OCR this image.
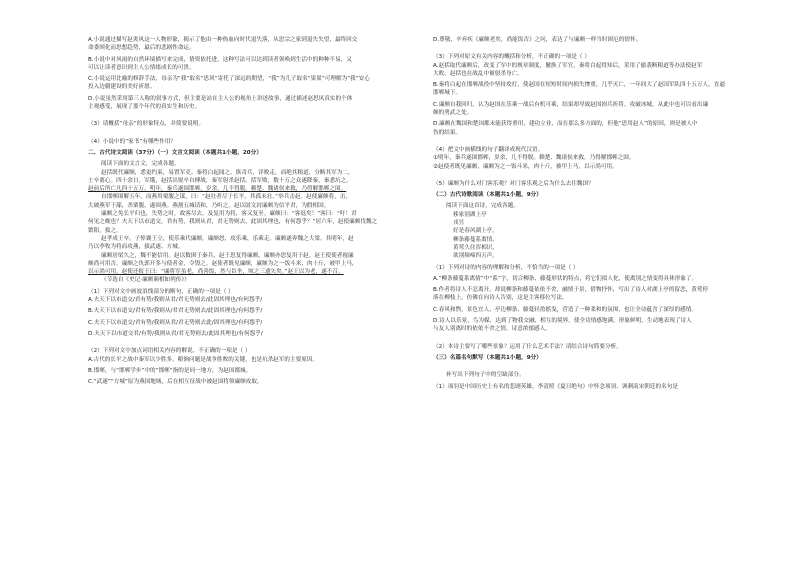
A.小说通过描写赵炎风这一人物形象，揭示了他由一种热血向时代退失落，从思宗之家到退失失望，最终回交
命委困化而思想趋势，最后的悲剧性命运。
B.小说中对风雨的自然环境描写来完成，情资依托进，这种写法可以达到读者领唤到生活中的种种不易，又
可以让读者意识到主人公情绪成长的可贵。
C.小说运用比喻的修辞手法，母亲为“我”取名“思风”寄托了深远的期望，“我”为儿子取名“果果”可理解为“我”安心
投入边疆建设的美好祈愿。
D.小说虽然采用第三人称的叙事方式，但主要是站在主人公的视角上讲述故事，通过描述赵思风真实的个体
主观感受，展现了那个年代的真实生和历史。
（3）请概括“母亲”的形象特点，并简要说明。
（4）小说中的“家书”有哪些作用？
二、古代诗文阅读（37分）（一）文言文阅读（本题共1小题，20分）
阅读下面的文言文，完成各题。
赵括既代廉颇，悉更约束，易置军吏。秦将白起闻之，纵奇兵，详败走，而绝其粮道，分断其军为二，
士卒离心。四十余日，军饿，赵括出锐卒自搏战，秦军射杀赵括。括军败，数十万之众遂降秦，秦悉坑之。
赵前后所亡凡四十五万。明年，秦兵遂围邯郸，岁余，几不得脱。赖楚、魏诸侯来救，乃得解邯郸之围。
自邯郸围解五年，而燕用栗腹之谋，曰：“赵壮者尽于长平，其孤未壮。”举兵击赵。赵使廉颇将，击，
大破燕军于鄗，杀栗腹，遂围燕。燕割五城请和，乃听之。赵以尉文封廉颇为信平君，为假相国。
廉颇之免长平归也，失势之时，故客尽去。及复用为将，客又复至。廉颇曰：“客退矣！”客曰：“吁！君
何见之晚也？夫天下以市道交，君有势，我则从君，君无势则去，此固其理也，有何怨乎？”居六年，赵使廉颇伐魏之
繁阳，拔之。
赵孝成王卒，子悼襄王立，使乐乘代廉颇。廉颇怒，攻乐乘，乐乘走。廉颇遂奔魏之大梁。其明年，赵
乃以李牧为将而攻燕，拔武遂、方城。
廉颇居梁久之，魏不能信用。赵以数困于秦兵，赵王思复得廉颇，廉颇亦思复用于赵。赵王使使者视廉
颇尚可用否。廉颇之仇郭开多与使者金，令毁之。赵使者既见廉颇，廉颇为之一饭斗米，肉十斤，被甲上马，
以示尚可用。赵使还报王曰：“廉将军虽老，尚善饭，然与臣坐，顷之三遗矢矣。”赵王以为老，遂不召。
（节选自《史记·廉颇蔺相如列传》）
（1）下列对文中画波浪线部分的断句，正确的一项是（ ）
A.夫天下以市道交/君有势/我则从君/君无势则去/此固其理也/有何怨乎/
B.夫天下以市道交/君有势/我则从/君君无势则去/此固其理也/有何怨乎/
C.夫天下以市道交/君有势/我则从君/君无势则去此/固其理也/有何怨乎/
D.夫天下以市道交君/有势/我则从君/君无势则去/此固其理也/有何怨乎/
（2）下列对文中加点词语相关内容的解说，不正确的一项是（ ）
A.古代的长平之战中秦军以少胜多，粮饷问题是战争胜败的关键，也是坑杀赵军的主要原因。
B.邯郸，与“邯郸学步”中的“邯郸”指的是同一地方，为赵国都城。
C.“武遂”“方城”原为燕国地域，后在相互征战中被赵国将领廉颇攻取。
D.尊敬，辛弃疾《廉颇老矣，尚能饭否》之问，表达了与廉颇一样当时困厄的情怀。
（3）下列对原文有关内容的概括和分析，不正确的一项是（ ）
A.赵括取代廉颇后，改变了军中的规章制度，撤换了军官，秦将白起得知后，采用了偷袭断粮道等办法使赵军
大败，赵括也在战乱中被射杀身亡。
B.秦将白起在邯郸战役中坚持攻打，使赵国在短短时间内损失惨重，几乎灭亡，一年间大了赵国军队四十五万人，直逼
邯郸城下。
C.廉颇自我回归，认为赵国在乐乘一战后有机可乘，结果却导致赵国损兵折将，攻破冰城，从此中也可以看出廉
颇的勇武之处。
D.廉颇在魏国和楚国都未能获得重用，建功立业，而在那么多方面的，但他“思用赵人”的原因，则是被人中
伤的结果。
（4）把文中画横线的句子翻译成现代汉语。
①明年，秦兵遂围邯郸，岁余，几不得脱。赖楚、魏诸侯来救，乃得解邯郸之围。
②赵使者既见廉颇，廉颇为之一饭斗米，肉十斤，被甲上马，以示尚可用。
（5）廉颇为什么对门客乐观？对门客乐观之后为什么去往魏国？
（二）古代诗歌阅读（本题共1小题，9分）
阅读下面这首诗，完成各题。
移家别湖上亭
戎昱
好是春风湖上亭，
柳条藤蔓系离情。
黄莺久住浑相识，
欲别频啼四五声。
（1）下列对诗的内容的理解和分析，不恰当的一项是（ ）
A.“柳条藤蔓系离情”中“系”字，切合柳条、藤蔓形状的特点，将它们拟人化，使离别之情变得具体形象了。
B.作者将诗人不忍离开，却说柳条和藤蔓依依不舍，融情于景，借物抒怀，写出了诗人对湖上亭的留恋，黄莺停
落在柳枝上，仿佛在向诗人告别，这是主客移位写法。
C.春风和煦，景色宜人，亭边柳条、藤蔓轻盈摇曳，营造了一种柔和的氛围，也让全诗蕴含了深厚的感情。
D.诗人以乐景，鸟为媒，达到了物我交融、相互的境界，使全诗情感饱满，形象鲜明，生动地表现了诗人
与友人别离时的依依不舍之情，诗意浓郁感人。
（2）本诗主要写了哪些景象？运用了什么艺术手法？请结合诗句简要分析。
（三）名篇名句默写（本题共1小题，9分）
补写出下列句子中的空缺部分。
（1）项羽是中国历史上有名的悲剧英雄，李清照《夏日绝句》中怀念项羽、讽刺南宋朝廷的名句是
